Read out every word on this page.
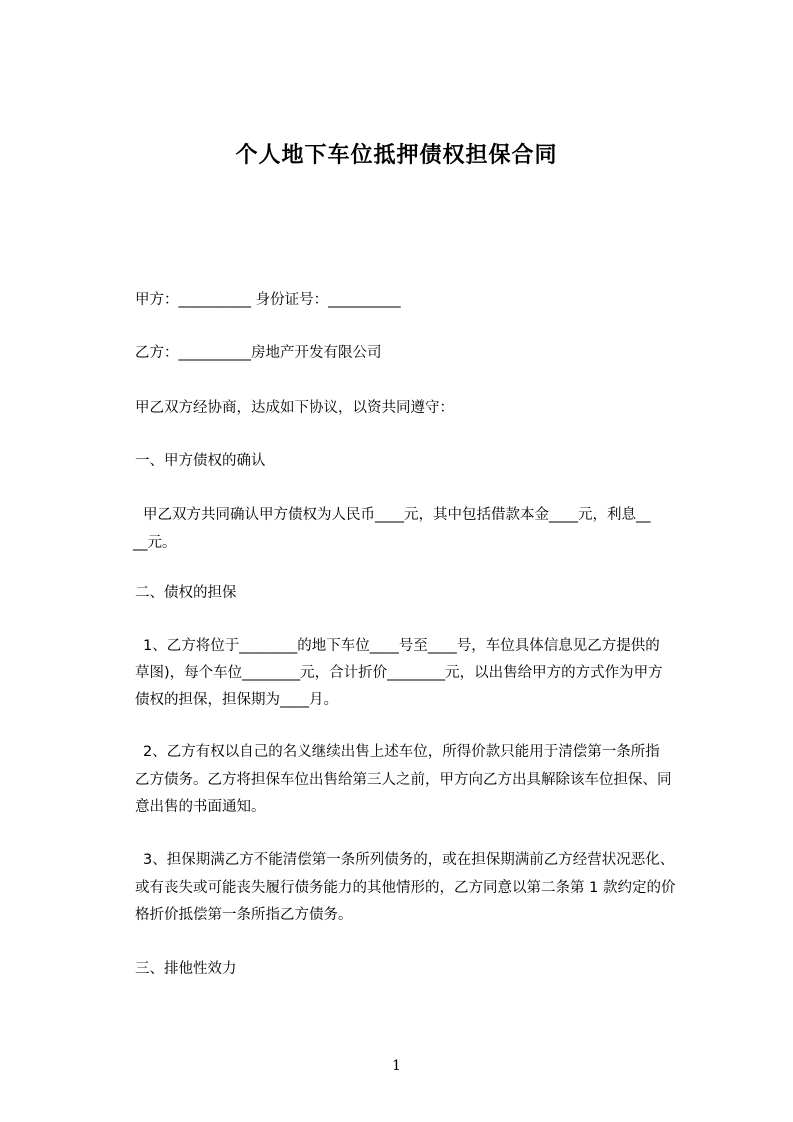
个人地下车位抵押债权担保合同
甲方：__________ 身份证号：__________
乙方：__________房地产开发有限公司
甲乙双方经协商，达成如下协议，以资共同遵守：
一、甲方债权的确认
甲乙双方共同确认甲方债权为人民币____元，其中包括借款本金____元，利息__
__元。
二、债权的担保
1、乙方将位于________的地下车位____号至____号，车位具体信息见乙方提供的
草图)，每个车位________元，合计折价________元，以出售给甲方的方式作为甲方
债权的担保，担保期为____月。
2、乙方有权以自己的名义继续出售上述车位，所得价款只能用于清偿第一条所指
乙方债务。乙方将担保车位出售给第三人之前，甲方向乙方出具解除该车位担保、同
意出售的书面通知。
3、担保期满乙方不能清偿第一条所列债务的，或在担保期满前乙方经营状况恶化、
或有丧失或可能丧失履行债务能力的其他情形的，乙方同意以第二条第 1 款约定的价
格折价抵偿第一条所指乙方债务。
三、排他性效力
1
